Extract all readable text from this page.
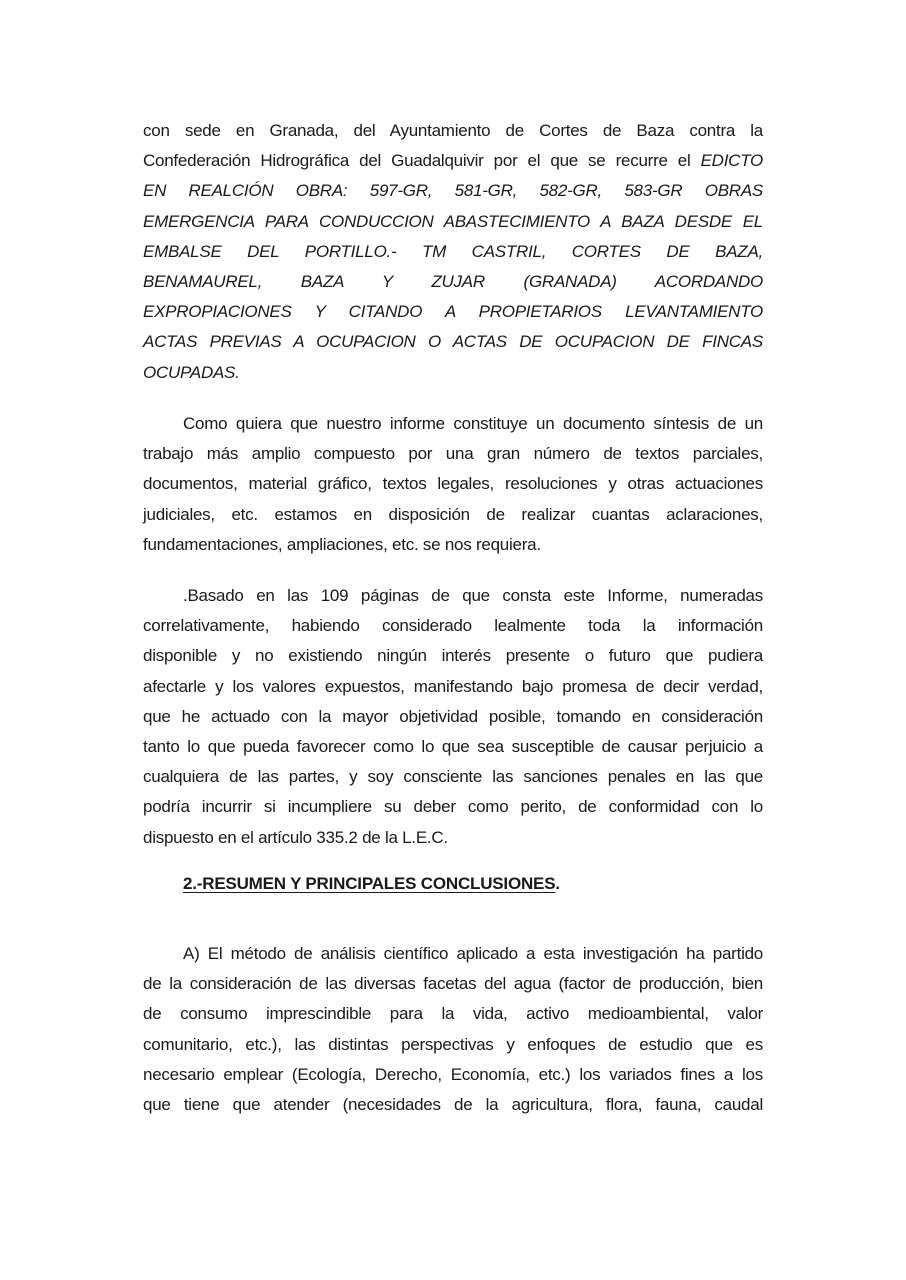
con sede en Granada, del Ayuntamiento de Cortes de Baza contra la
Confederación Hidrográfica del Guadalquivir por el que se recurre el EDICTO
EN REALCIÓN OBRA: 597-GR, 581-GR, 582-GR, 583-GR OBRAS
EMERGENCIA PARA CONDUCCION ABASTECIMIENTO A BAZA DESDE EL
EMBALSE DEL PORTILLO.- TM CASTRIL, CORTES DE BAZA,
BENAMAUREL, BAZA Y ZUJAR (GRANADA) ACORDANDO
EXPROPIACIONES Y CITANDO A PROPIETARIOS LEVANTAMIENTO
ACTAS PREVIAS A OCUPACION O ACTAS DE OCUPACION DE FINCAS
OCUPADAS.
Como quiera que nuestro informe constituye un documento síntesis de un
trabajo más amplio compuesto por una gran número de textos parciales,
documentos, material gráfico, textos legales, resoluciones y otras actuaciones
judiciales, etc. estamos en disposición de realizar cuantas aclaraciones,
fundamentaciones, ampliaciones, etc. se nos requiera.
.Basado en las 109 páginas de que consta este Informe, numeradas
correlativamente, habiendo considerado lealmente toda la información
disponible y no existiendo ningún interés presente o futuro que pudiera
afectarle y los valores expuestos, manifestando bajo promesa de decir verdad,
que he actuado con la mayor objetividad posible, tomando en consideración
tanto lo que pueda favorecer como lo que sea susceptible de causar perjuicio a
cualquiera de las partes, y soy consciente las sanciones penales en las que
podría incurrir si incumpliere su deber como perito, de conformidad con lo
dispuesto en el artículo 335.2 de la L.E.C.
2.-RESUMEN Y PRINCIPALES CONCLUSIONES.
A) El método de análisis científico aplicado a esta investigación ha partido
de la consideración de las diversas facetas del agua (factor de producción, bien
de consumo imprescindible para la vida, activo medioambiental, valor
comunitario, etc.), las distintas perspectivas y enfoques de estudio que es
necesario emplear (Ecología, Derecho, Economía, etc.) los variados fines a los
que tiene que atender (necesidades de la agricultura, flora, fauna, caudal
